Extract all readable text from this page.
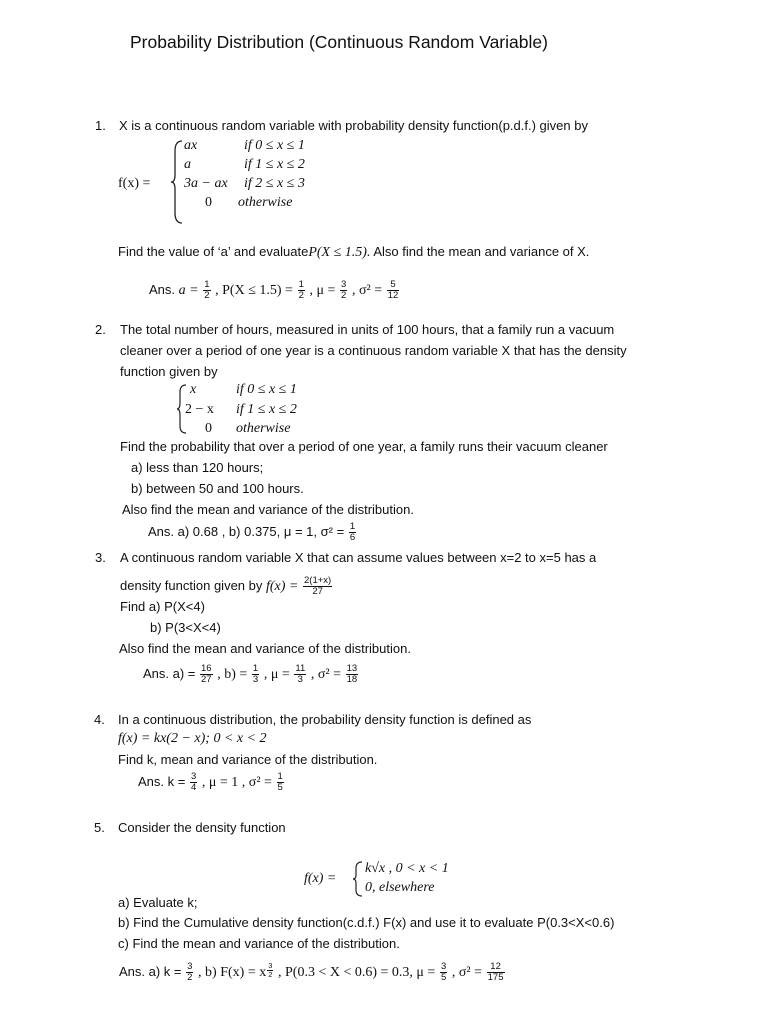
Probability Distribution (Continuous Random Variable)
1. X is a continuous random variable with probability density function(p.d.f.) given by
f(x) =
ax	if 0 ≤ x ≤ 1
a	if 1 ≤ x ≤ 2
3a − ax if 2 ≤ x ≤ 3
0 otherwise
Find the value of ‘a’ and evaluateP(X ≤ 1.5). Also find the mean and variance of X.
Ans. $a = \frac{1}{2}$ , $P(X \le 1.5) = \frac{1}{2}$ , $\mu = \frac{3}{2}$ , $\sigma^2 = \frac{5}{12}$
2. The total number of hours, measured in units of 100 hours, that a family run a vacuum
cleaner over a period of one year is a continuous random variable X that has the density
function given by
x	if 0 ≤ x ≤ 1
2 − x if 1 ≤ x ≤ 2
0 otherwise
Find the probability that over a period of one year, a family runs their vacuum cleaner
a) less than 120 hours;
b) between 50 and 100 hours.
Also find the mean and variance of the distribution.
Ans. a) 0.68 , b) 0.375, μ = 1, $\sigma^2 = \frac{1}{6}$
3. A continuous random variable X that can assume values between x=2 to x=5 has a
density function given by $f(x) = \frac{2(1+x)}{27}$
Find a) P(X<4)
b) P(3<X<4)
Also find the mean and variance of the distribution.
Ans. $a) = \frac{16}{27}$ , $b) = \frac{1}{3}$ , $\mu = \frac{11}{3}$ , $\sigma^2 = \frac{13}{18}$
4. In a continuous distribution, the probability density function is defined as
f(x) = kx(2 − x); 0 < x < 2
Find k, mean and variance of the distribution.
Ans. $k = \frac{3}{4}$ , μ = 1 , $\sigma^2 = \frac{1}{5}$
5. Consider the density function
f(x) =
k√x , 0 < x < 1
0, elsewhere
a) Evaluate k;
b) Find the Cumulative density function(c.d.f.) F(x) and use it to evaluate P(0.3<X<0.6)
c) Find the mean and variance of the distribution.
Ans. a) $k = \frac{3}{2}$ , b) F(x) = x $\frac{3}{2}$ , P(0.3 < X < 0.6) = 0.3, $\mu = \frac{3}{5}$ , $\sigma^2 = \frac{12}{175}$
